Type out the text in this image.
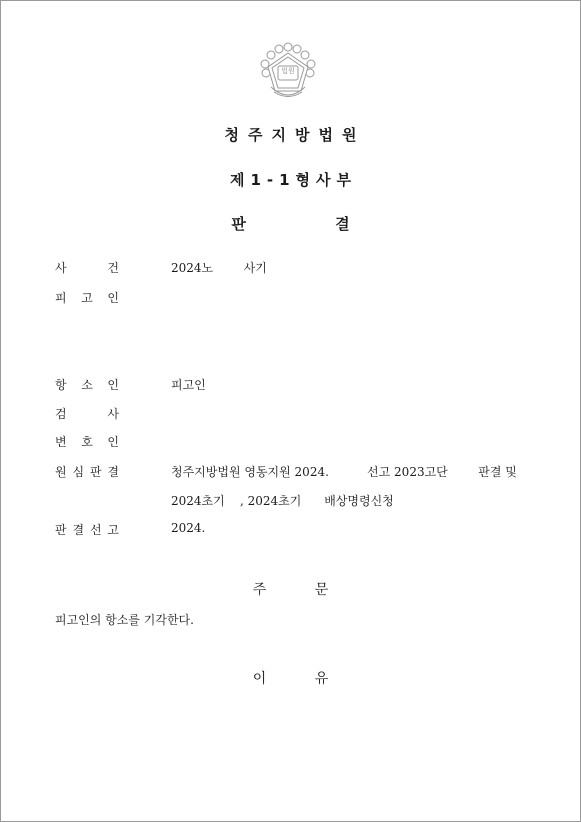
법원
청주지방법원
제1-1형사부
판 결
사	건	2024노        사기
피 고 인
항 소 인	피고인
검	사
변 호 인
원 심 판 결	청주지방법원 영동지원 2024.          선고 2023고단        판결 및
2024초기    , 2024초기      배상명령신청
판 결 선 고	2024.
주 문
피고인의 항소를 기각한다.
이 유
